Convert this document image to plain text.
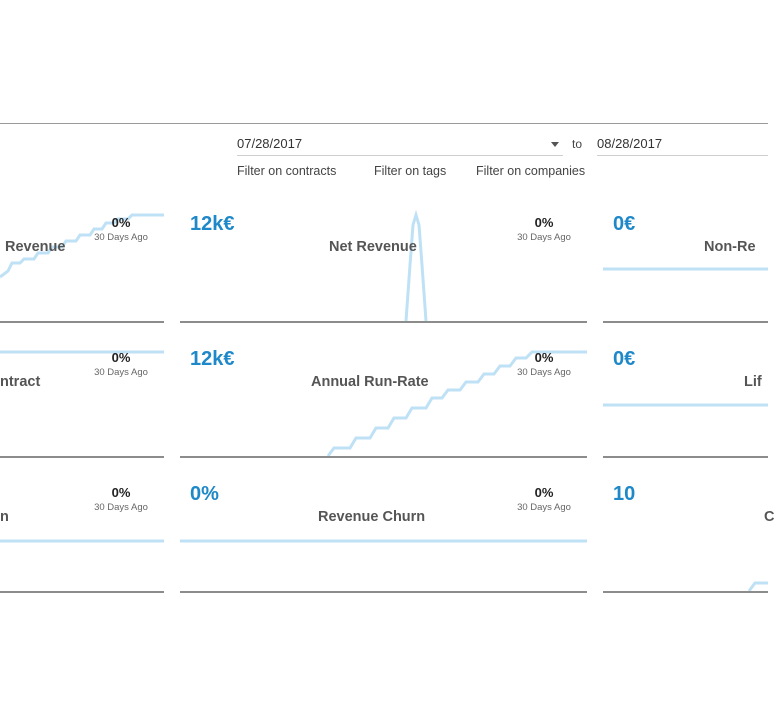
07/28/2017	to 08/28/2017
Filter on contracts	Filter on tags Filter on companies
Revenue
0%
30 Days Ago
12k€
Net Revenue
0%
30 Days Ago
0€
Non-Re
ntract
0%
30 Days Ago
12k€
Annual Run-Rate
0%
30 Days Ago
0€
Lif
n
0%
30 Days Ago
0%
Revenue Churn
0%
30 Days Ago
10
C
